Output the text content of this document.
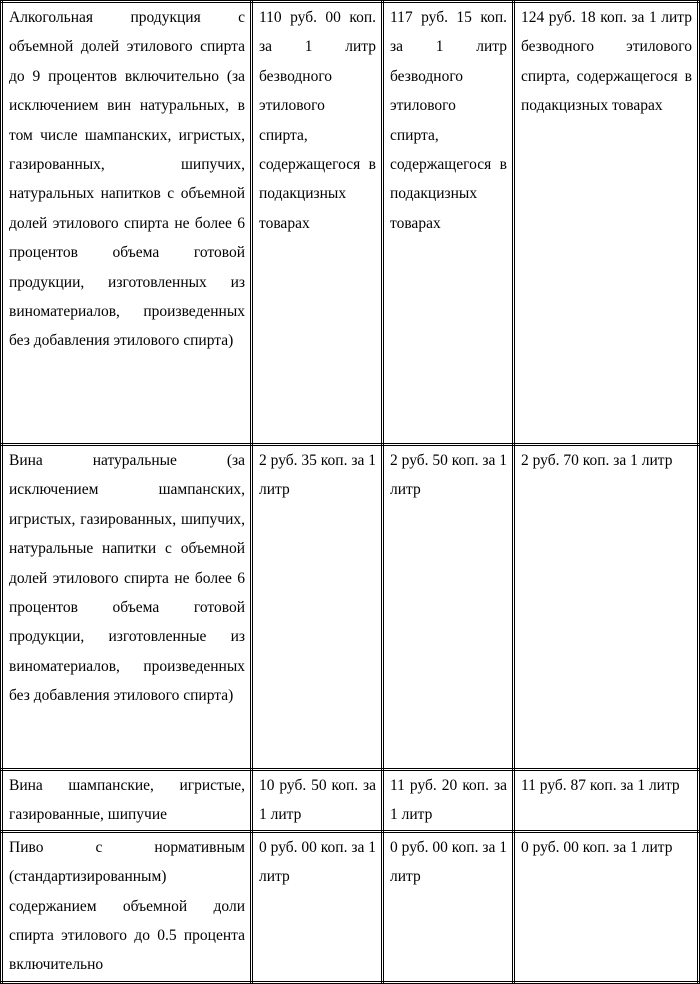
Алкогольная продукция с объемной долей этилового спирта до 9 процентов включительно (за исключением вин натуральных, в том числе шампанских, игристых, газированных, шипучих, натуральных напитков с объемной долей этилового спирта не более 6 процентов объема готовой продукции, изготовленных из виноматериалов, произведенных без добавления этилового спирта)	110 руб. 00 коп. за 1 литр безводного этилового спирта, содержащегося в подакцизных товарах	117 руб. 15 коп. за 1 литр безводного этилового спирта, содержащегося в подакцизных товарах	124 руб. 18 коп. за 1 литр безводного этилового спирта, содержащегося в подакцизных товарах

Вина натуральные (за исключением шампанских, игристых, газированных, шипучих, натуральные напитки с объемной долей этилового спирта не более 6 процентов объема готовой продукции, изготовленные из виноматериалов, произведенных без добавления этилового спирта)	2 руб. 35 коп. за 1 литр	2 руб. 50 коп. за 1 литр	2 руб. 70 коп. за 1 литр

Вина шампанские, игристые, газированные, шипучие	10 руб. 50 коп. за 1 литр	11 руб. 20 коп. за 1 литр	11 руб. 87 коп. за 1 литр

Пиво с нормативным (стандартизированным) содержанием объемной доли спирта этилового до 0.5 процента включительно	0 руб. 00 коп. за 1 литр	0 руб. 00 коп. за 1 литр	0 руб. 00 коп. за 1 литр
